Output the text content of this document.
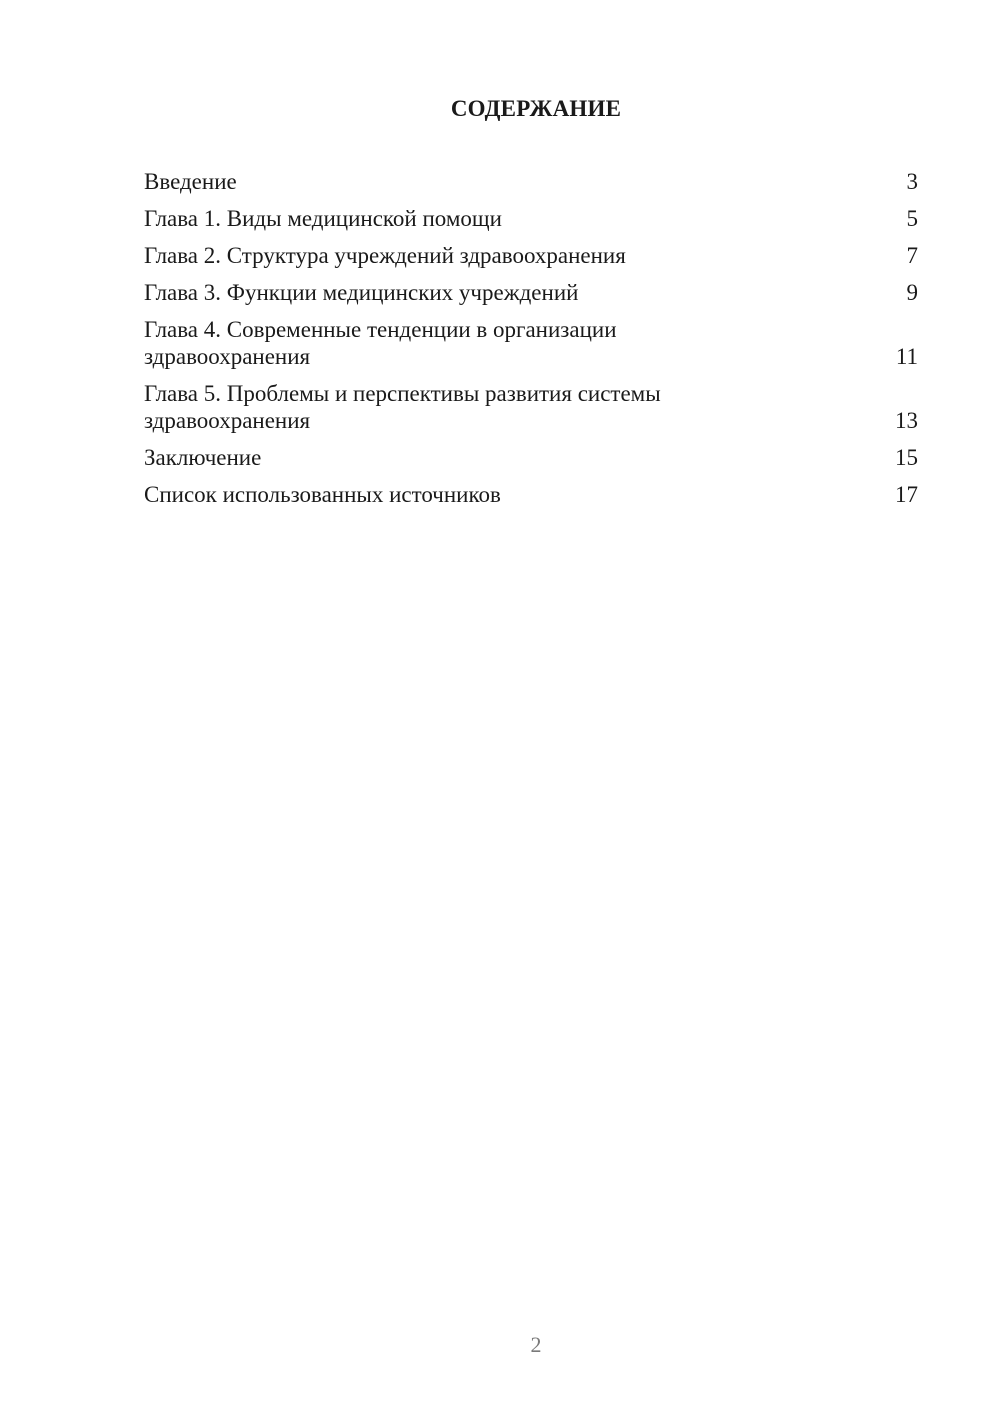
СОДЕРЖАНИЕ
Введение	3
Глава 1. Виды медицинской помощи	5
Глава 2. Структура учреждений здравоохранения	7
Глава 3. Функции медицинских учреждений	9
Глава 4. Современные тенденции в организации здравоохранения	11
Глава 5. Проблемы и перспективы развития системы здравоохранения	13
Заключение	15
Список использованных источников	17
2
